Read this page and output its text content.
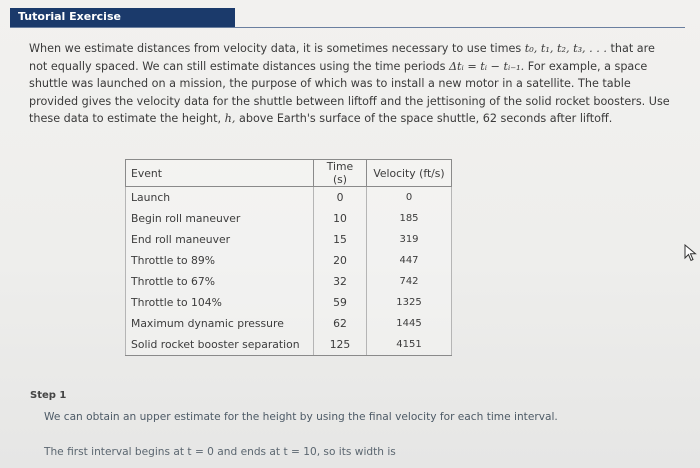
Tutorial Exercise
When we estimate distances from velocity data, it is sometimes necessary to use times t₀, t₁, t₂, t₃, . . . that are not equally spaced. We can still estimate distances using the time periods Δtᵢ = tᵢ − tᵢ₋₁. For example, a space shuttle was launched on a mission, the purpose of which was to install a new motor in a satellite. The table provided gives the velocity data for the shuttle between liftoff and the jettisoning of the solid rocket boosters. Use these data to estimate the height, h, above Earth's surface of the space shuttle, 62 seconds after liftoff.
Event	Time (s)	Velocity (ft/s)
Launch	0	0
Begin roll maneuver	10	185
End roll maneuver	15	319
Throttle to 89%	20	447
Throttle to 67%	32	742
Throttle to 104%	59	1325
Maximum dynamic pressure	62	1445
Solid rocket booster separation	125	4151
Step 1
We can obtain an upper estimate for the height by using the final velocity for each time interval.
The first interval begins at t = 0 and ends at t = 10, so its width is
